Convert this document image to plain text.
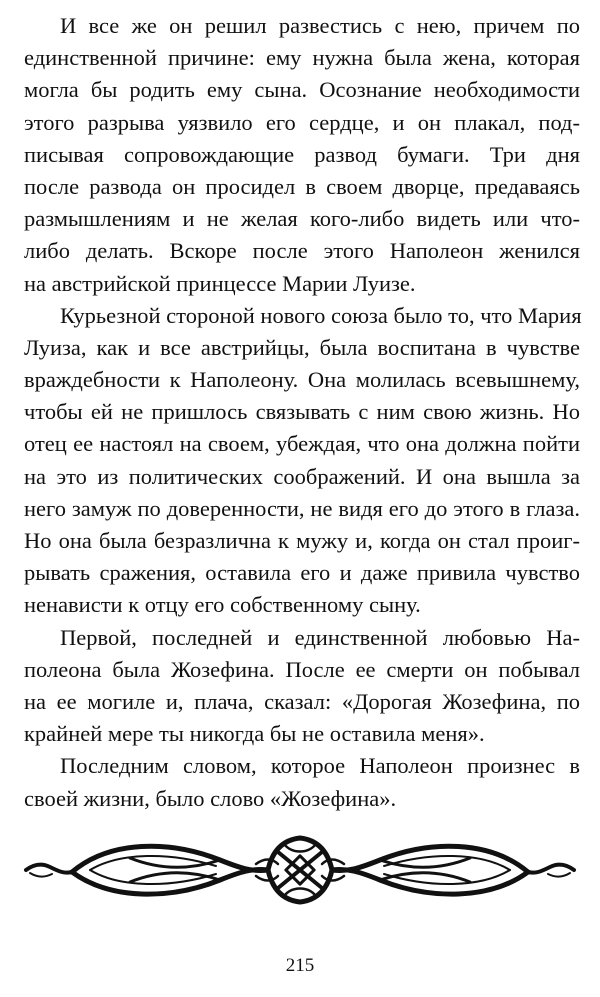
И все же он решил развестись с нею, причем по
единственной причине: ему нужна была жена, которая
могла бы родить ему сына. Осознание необходимости
этого разрыва уязвило его сердце, и он плакал, под-
писывая сопровождающие развод бумаги. Три дня
после развода он просидел в своем дворце, предаваясь
размышлениям и не желая кого-либо видеть или что-
либо делать. Вскоре после этого Наполеон женился
на австрийской принцессе Марии Луизе.
Курьезной стороной нового союза было то, что Мария
Луиза, как и все австрийцы, была воспитана в чувстве
враждебности к Наполеону. Она молилась всевышнему,
чтобы ей не пришлось связывать с ним свою жизнь. Но
отец ее настоял на своем, убеждая, что она должна пойти
на это из политических соображений. И она вышла за
него замуж по доверенности, не видя его до этого в глаза.
Но она была безразлична к мужу и, когда он стал проиг-
рывать сражения, оставила его и даже привила чувство
ненависти к отцу его собственному сыну.
Первой, последней и единственной любовью На-
полеона была Жозефина. После ее смерти он побывал
на ее могиле и, плача, сказал: «Дорогая Жозефина, по
крайней мере ты никогда бы не оставила меня».
Последним словом, которое Наполеон произнес в
своей жизни, было слово «Жозефина».
215
